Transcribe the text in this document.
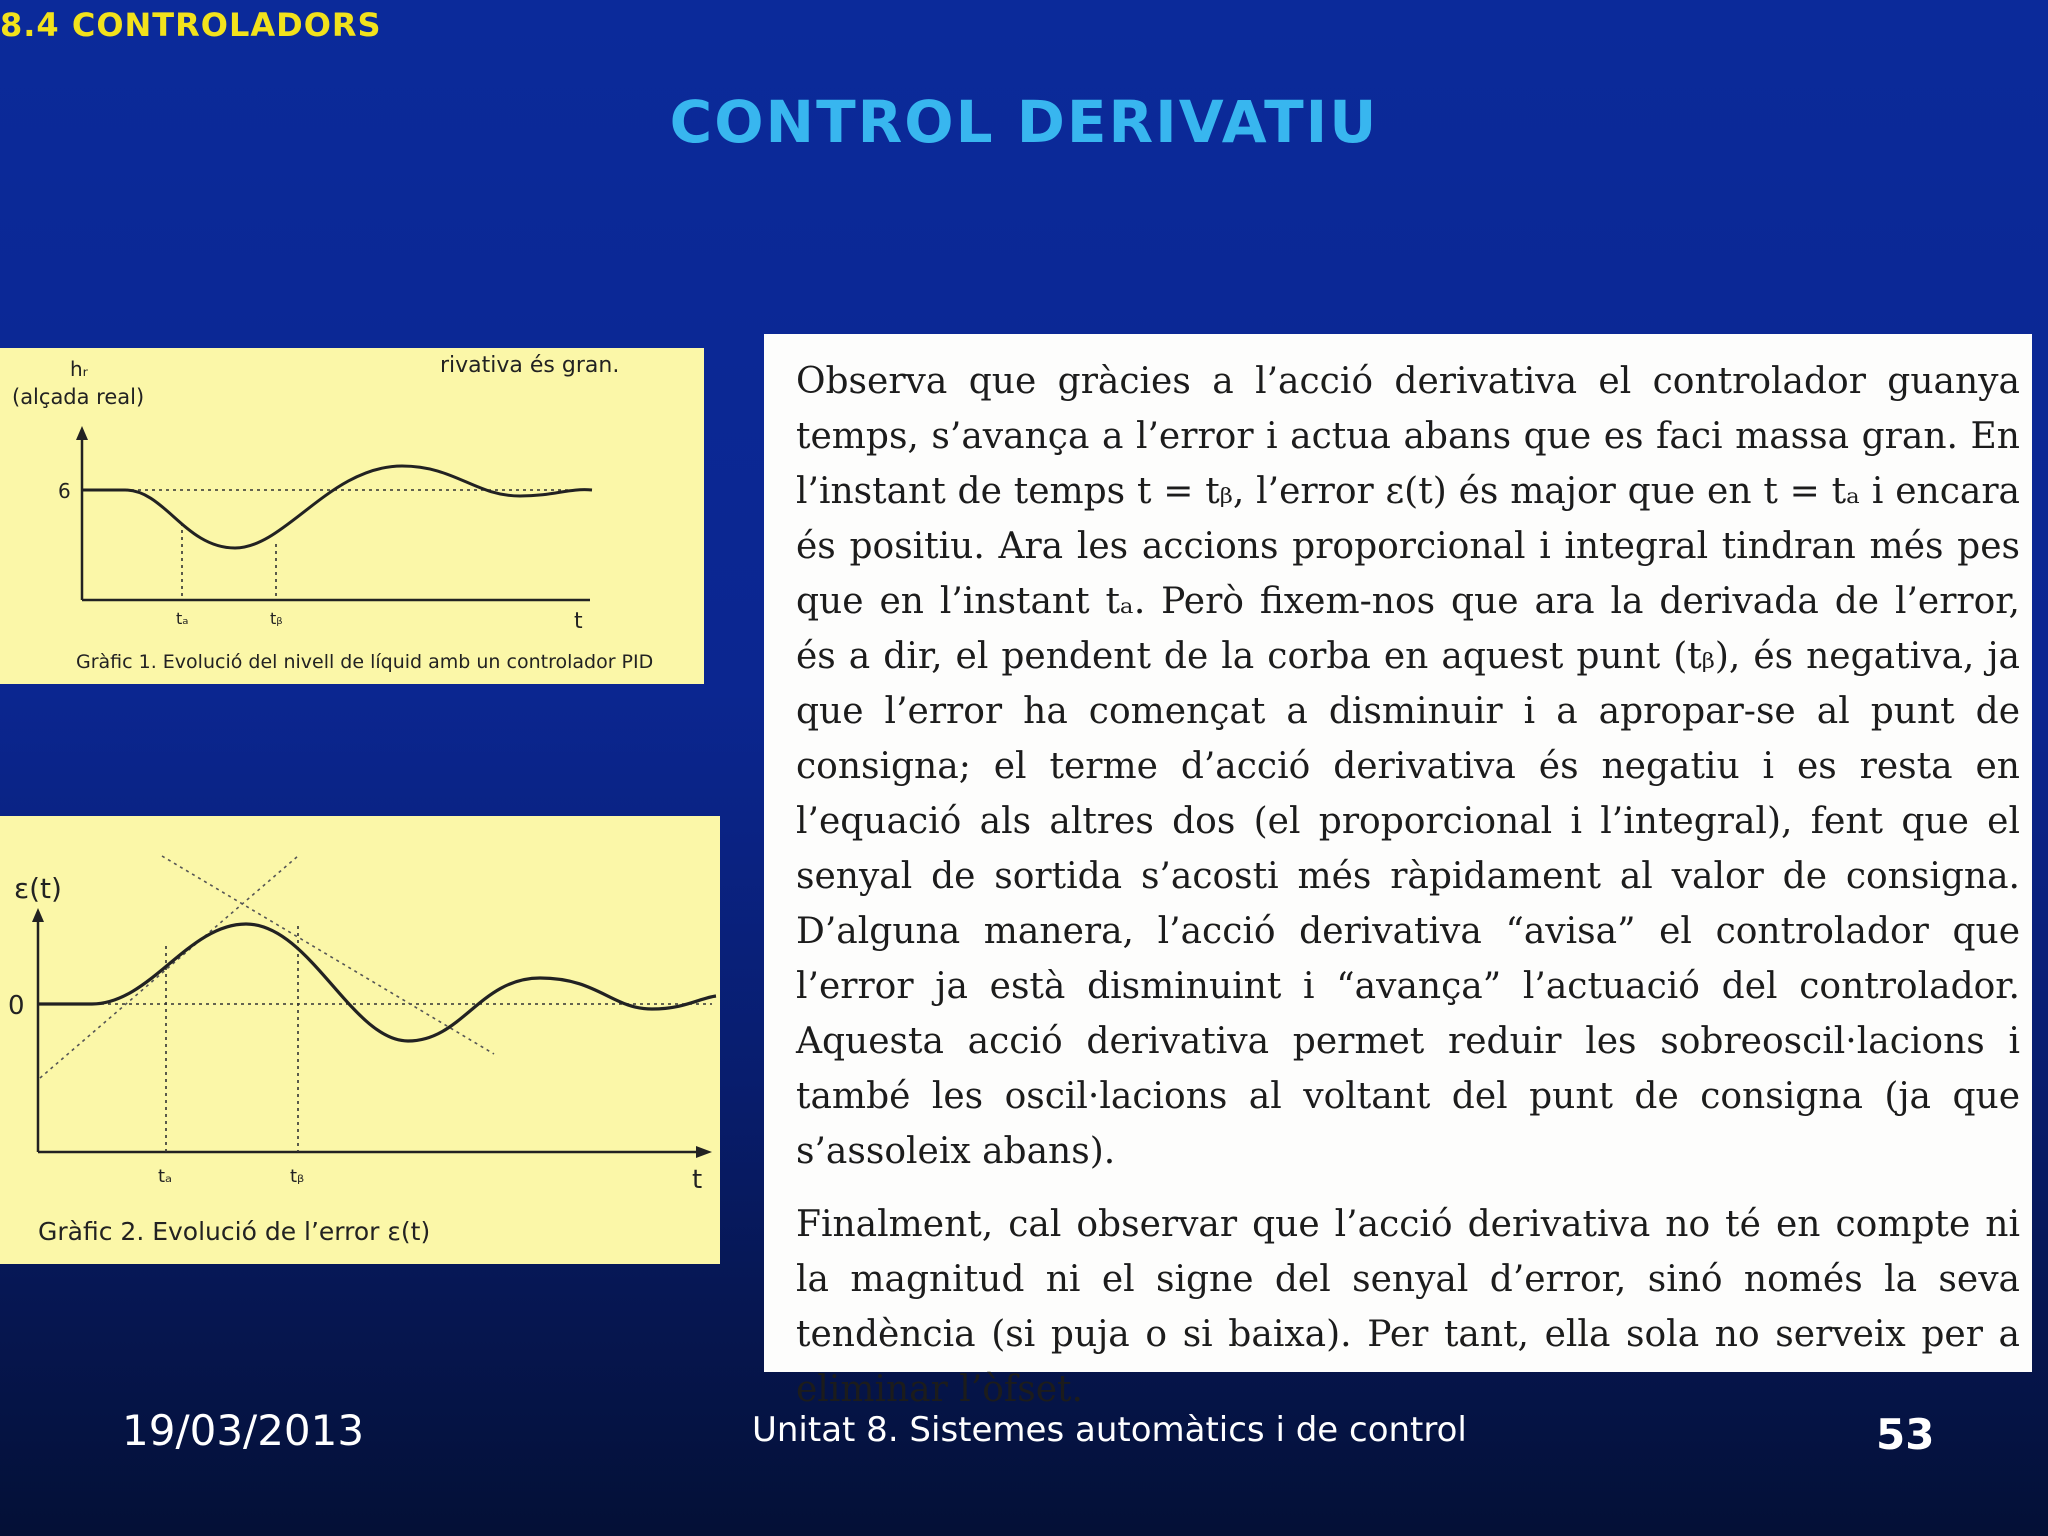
8.4 CONTROLADORS
CONTROL DERIVATIU
hᵣ
(alçada real)
rivativa és gran.
6
tₐ	tᵦ	t
Gràfic 1. Evolució del nivell de líquid amb un controlador PID
ε(t)
0
tₐ	tᵦ	t
Gràfic 2. Evolució de l’error ε(t)

Observa que gràcies a l’acció derivativa el controlador guanya temps, s’avança a l’error i actua abans que es faci massa gran. En l’instant de temps t = tᵦ, l’error ε(t) és major que en t = tₐ i encara és positiu. Ara les accions proporcional i integral tindran més pes que en l’instant tₐ. Però fixem-nos que ara la derivada de l’error, és a dir, el pendent de la corba en aquest punt (tᵦ), és negativa, ja que l’error ha començat a disminuir i a apropar-se al punt de consigna; el terme d’acció derivativa és negatiu i es resta en l’equació als altres dos (el proporcional i l’integral), fent que el senyal de sortida s’acosti més ràpidament al valor de consigna. D’alguna manera, l’acció derivativa “avisa” el controlador que l’error ja està disminuint i “avança” l’actuació del controlador. Aquesta acció derivativa permet reduir les sobreoscil·lacions i també les oscil·lacions al voltant del punt de consigna (ja que s’assoleix abans).

Finalment, cal observar que l’acció derivativa no té en compte ni la magnitud ni el signe del senyal d’error, sinó només la seva tendència (si puja o si baixa). Per tant, ella sola no serveix per a eliminar l’òfset.

19/03/2013	Unitat 8. Sistemes automàtics i de control	53
